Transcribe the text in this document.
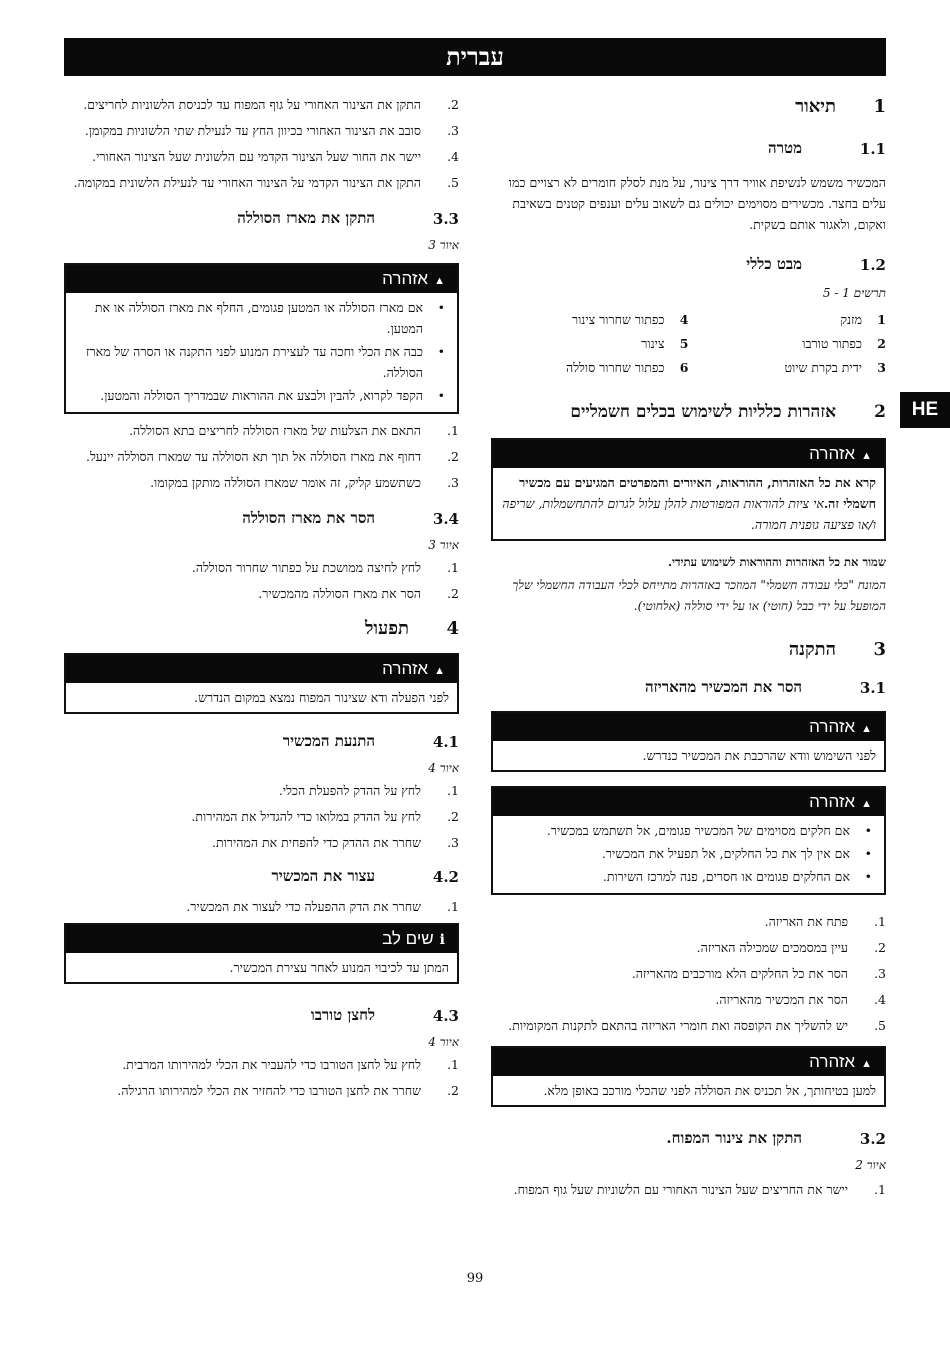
עברית
HE
1
תיאור
1.1
מטרה
המכשיר משמש לנשיפת אוויר דרך צינור, על מנת לסלק חומרים לא רצויים כמו עלים בחצר. מכשירים מסוימים יכולים גם לשאוב עלים וענפים קטנים בשאיבת ואקום, ולאגור אותם בשקית.
1.2
מבט כללי
תרשים 1 - 5
1
מזנק
4
כפתור שחרור צינור
2
כפתור טורבו
5
צינור
3
ידית בקרת שיוט
6
כפתור שחרור סוללה
2
אזהרות כלליות לשימוש בכלים חשמליים
▲אזהרה
קרא את כל האזהרות, ההוראות, האיורים והמפרטים המגיעים עם מכשיר חשמלי זה.אי ציות להוראות המפורטות להלן עלול לגרום להתחשמלות, שריפה ו/או פציעה גופנית חמורה.
שמור את כל האזהרות וההוראות לשימוש עתידי.
המונח "כלי עבודה חשמלי" המוזכר באזהרות מתייחס לכלי העבודה החשמלי שלך המופעל על ידי כבל (חוטי) או על ידי סוללה (אלחוטי).
3
התקנה
3.1
הסר את המכשיר מהאריזה
▲אזהרה
לפני השימוש וודא שהרכבת את המכשיר כנדרש.
▲אזהרה
•
אם חלקים מסוימים של המכשיר פגומים, אל תשתמש במכשיר.
•
אם אין לך את כל החלקים, אל תפעיל את המכשיר.
•
אם החלקים פגומים או חסרים, פנה למרכז השירות.
1.
פתח את האריזה.
2.
עיין במסמכים שמכילה האריזה.
3.
הסר את כל החלקים הלא מורכבים מהאריזה.
4.
הסר את המכשיר מהאריזה.
5.
יש להשליך את הקופסה ואת חומרי האריזה בהתאם לתקנות המקומיות.
▲אזהרה
למען בטיחותך, אל תכניס את הסוללה לפני שהכלי מורכב באופן מלא.
3.2
התקן את צינור המפוח.
איור 2
1.
יישר את החריצים שעל הצינור האחורי עם הלשוניות שעל גוף המפוח.
2.
התקן את הצינור האחורי על גוף המפוח עד לכניסת הלשוניות לחריצים.
3.
סובב את הצינור האחורי בכיוון החץ עד לנעילת שתי הלשוניות במקומן.
4.
יישר את החור שעל הצינור הקדמי עם הלשונית שעל הצינור האחורי.
5.
התקן את הצינור הקדמי על הצינור האחורי עד לנעילת הלשונית במקומה.
3.3
התקן את מארז הסוללה
איור 3
▲אזהרה
•
אם מארז הסוללה או המטען פגומים, החלף את מארז הסוללה או את המטען.
•
כבה את הכלי וחכה עד לעצירת המנוע לפני התקנה או הסרה של מארז הסוללה.
•
הקפד לקרוא, להבין ולבצע את ההוראות שבמדריך הסוללה והמטען.
1.
התאם את הצלעות של מארז הסוללה לחריצים בתא הסוללה.
2.
דחוף את מארז הסוללה אל תוך תא הסוללה עד שמארז הסוללה יינעל.
3.
כשתשמע קליק, זה אומר שמארז הסוללה מותקן במקומו.
3.4
הסר את מארז הסוללה
איור 3
1.
לחץ לחיצה ממושכת על כפתור שחרור הסוללה.
2.
הסר את מארז הסוללה מהמכשיר.
4
תפעול
▲אזהרה
לפני הפעלה ודא שצינור המפוח נמצא במקום הנדרש.
4.1
התנעת המכשיר
איור 4
1.
לחץ על ההדק להפעלת הכלי.
2.
לחץ על ההדק במלואו כדי להגדיל את המהירות.
3.
שחרר את ההדק כדי להפחית את המהירות.
4.2
עצור את המכשיר
1.
שחרר את הדק ההפעלה כדי לעצור את המכשיר.
iשים לב
המתן עד לכיבוי המנוע לאחר עצירת המכשיר.
4.3
לחצן טורבו
איור 4
1.
לחץ על לחצן הטורבו כדי להעביר את הכלי למהירותו המרבית.
2.
שחרר את לחצן הטורבו כדי להחזיר את הכלי למהירותו הרגילה.
99
